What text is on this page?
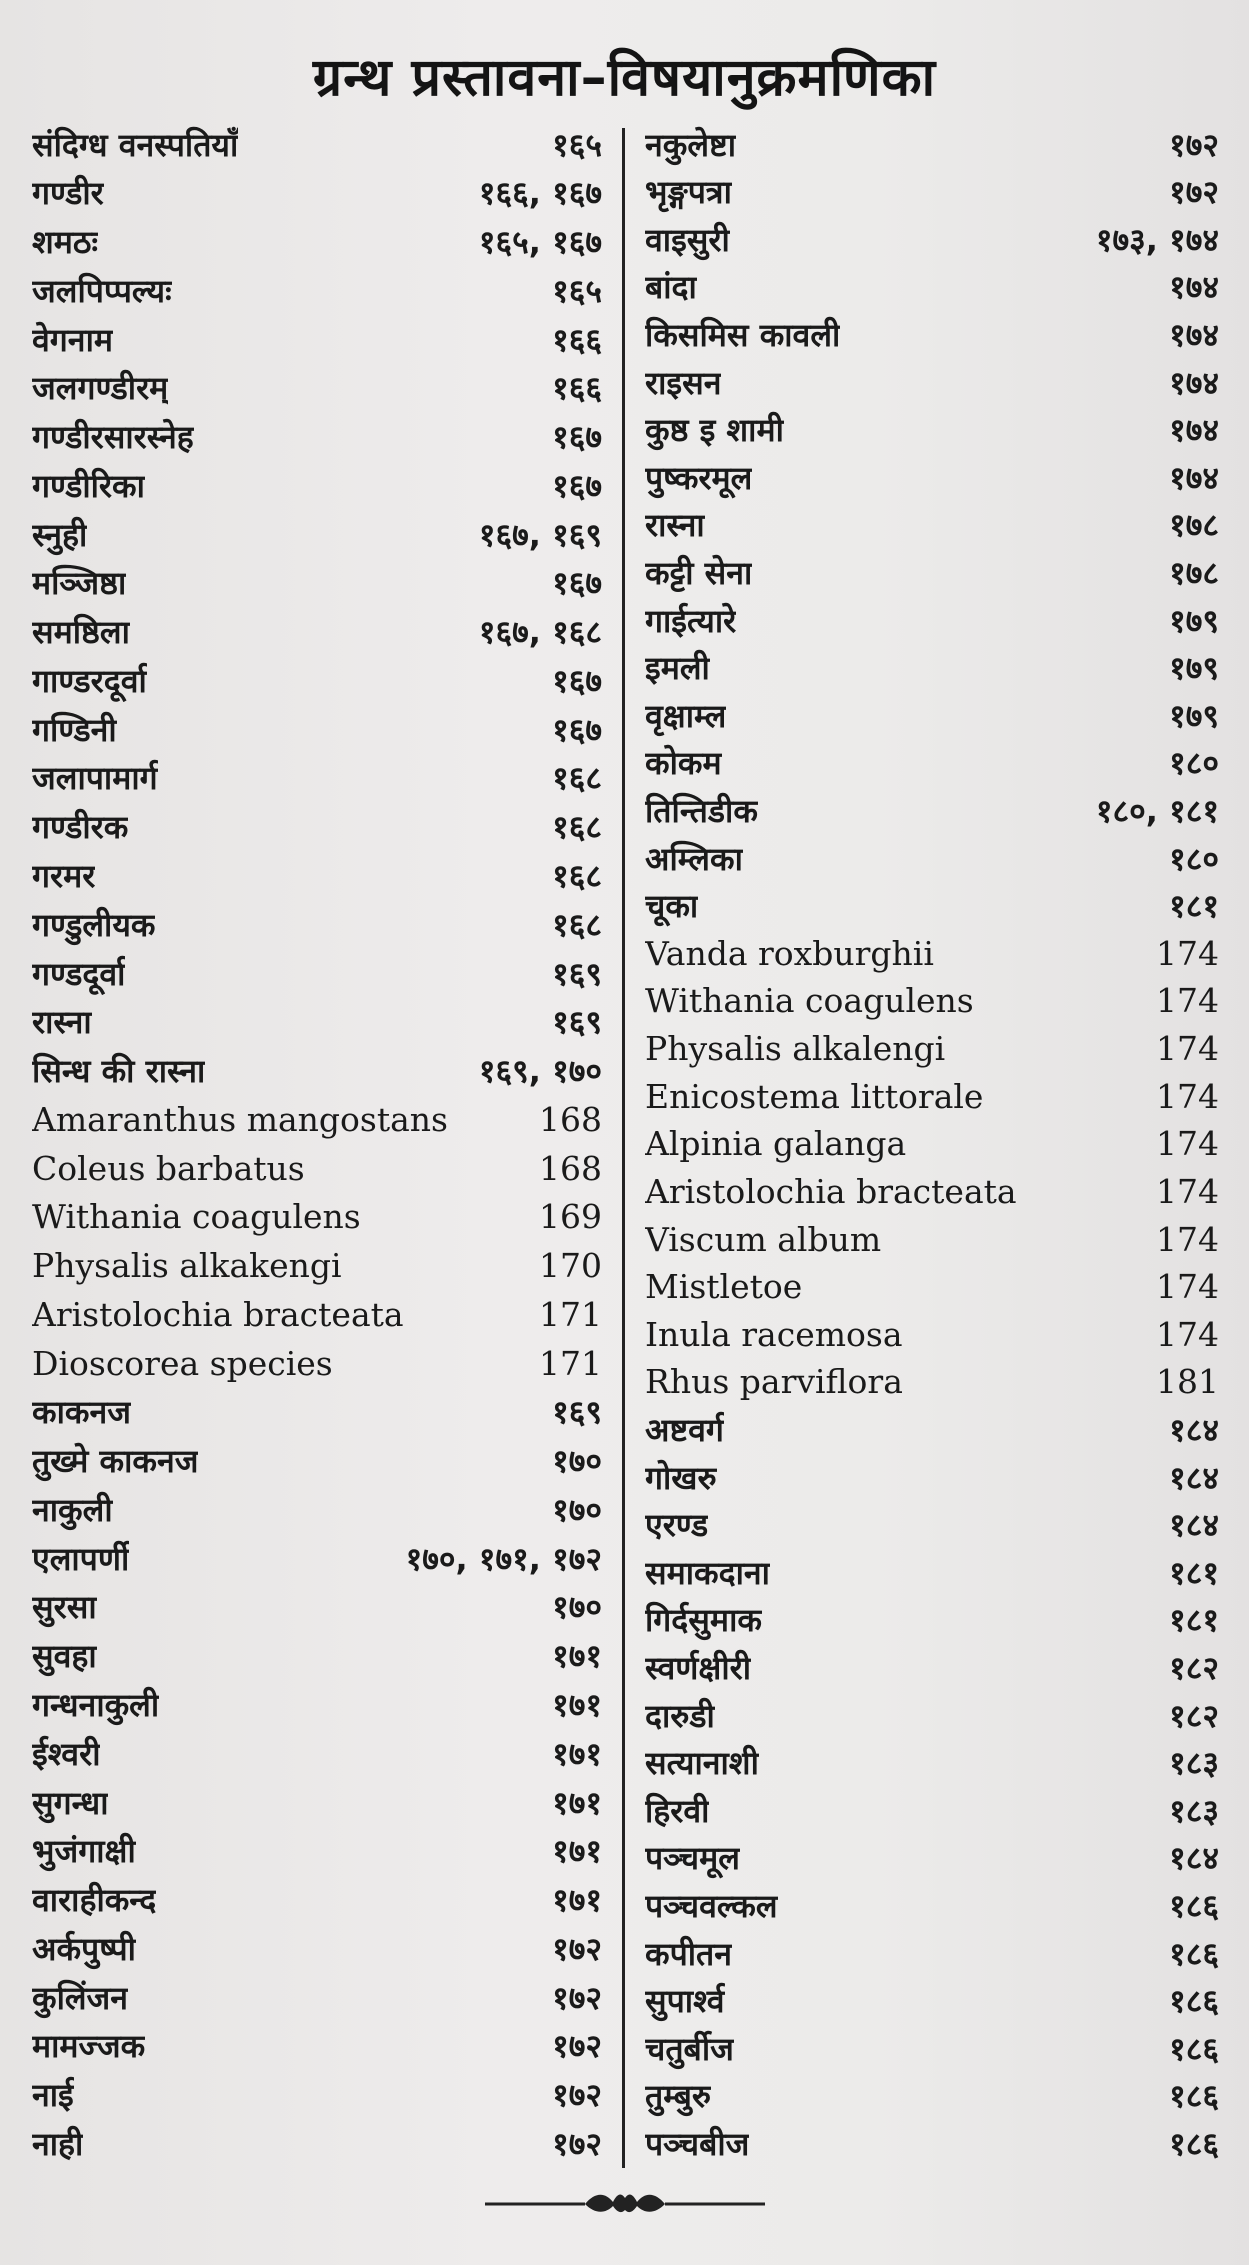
ग्रन्थ प्रस्तावना–विषयानुक्रमणिका
संदिग्ध वनस्पतियाँ	१६५
गण्डीर	१६६, १६७
शमठः	१६५, १६७
जलपिप्पल्यः	१६५
वेगनाम	१६६
जलगण्डीरम्	१६६
गण्डीरसारस्नेह	१६७
गण्डीरिका	१६७
स्नुही	१६७, १६९
मञ्जिष्ठा	१६७
समष्ठिला	१६७, १६८
गाण्डरदूर्वा	१६७
गण्डिनी	१६७
जलापामार्ग	१६८
गण्डीरक	१६८
गरमर	१६८
गण्डुलीयक	१६८
गण्डदूर्वा	१६९
रास्ना	१६९
सिन्ध की रास्ना	१६९, १७०
Amaranthus mangostans	168
Coleus barbatus	168
Withania coagulens	169
Physalis alkakengi	170
Aristolochia bracteata	171
Dioscorea species	171
काकनज	१६९
तुख्मे काकनज	१७०
नाकुली	१७०
एलापर्णी	१७०, १७१, १७२
सुरसा	१७०
सुवहा	१७१
गन्धनाकुली	१७१
ईश्वरी	१७१
सुगन्धा	१७१
भुजंगाक्षी	१७१
वाराहीकन्द	१७१
अर्कपुष्पी	१७२
कुलिंजन	१७२
मामज्जक	१७२
नाई	१७२
नाही	१७२
नकुलेष्टा	१७२
भृङ्गपत्रा	१७२
वाइसुरी	१७३, १७४
बांदा	१७४
किसमिस कावली	१७४
राइसन	१७४
कुष्ठ इ शामी	१७४
पुष्करमूल	१७४
रास्ना	१७८
कट्टी सेना	१७८
गाईत्यारे	१७९
इमली	१७९
वृक्षाम्ल	१७९
कोकम	१८०
तिन्तिडीक	१८०, १८१
अम्लिका	१८०
चूका	१८१
Vanda roxburghii	174
Withania coagulens	174
Physalis alkalengi	174
Enicostema littorale	174
Alpinia galanga	174
Aristolochia bracteata	174
Viscum album	174
Mistletoe	174
Inula racemosa	174
Rhus parviflora	181
अष्टवर्ग	१८४
गोखरु	१८४
एरण्ड	१८४
समाकदाना	१८१
गिर्दसुमाक	१८१
स्वर्णक्षीरी	१८२
दारुडी	१८२
सत्यानाशी	१८३
हिरवी	१८३
पञ्चमूल	१८४
पञ्चवल्कल	१८६
कपीतन	१८६
सुपार्श्व	१८६
चतुर्बीज	१८६
तुम्बुरु	१८६
पञ्चबीज	१८६
